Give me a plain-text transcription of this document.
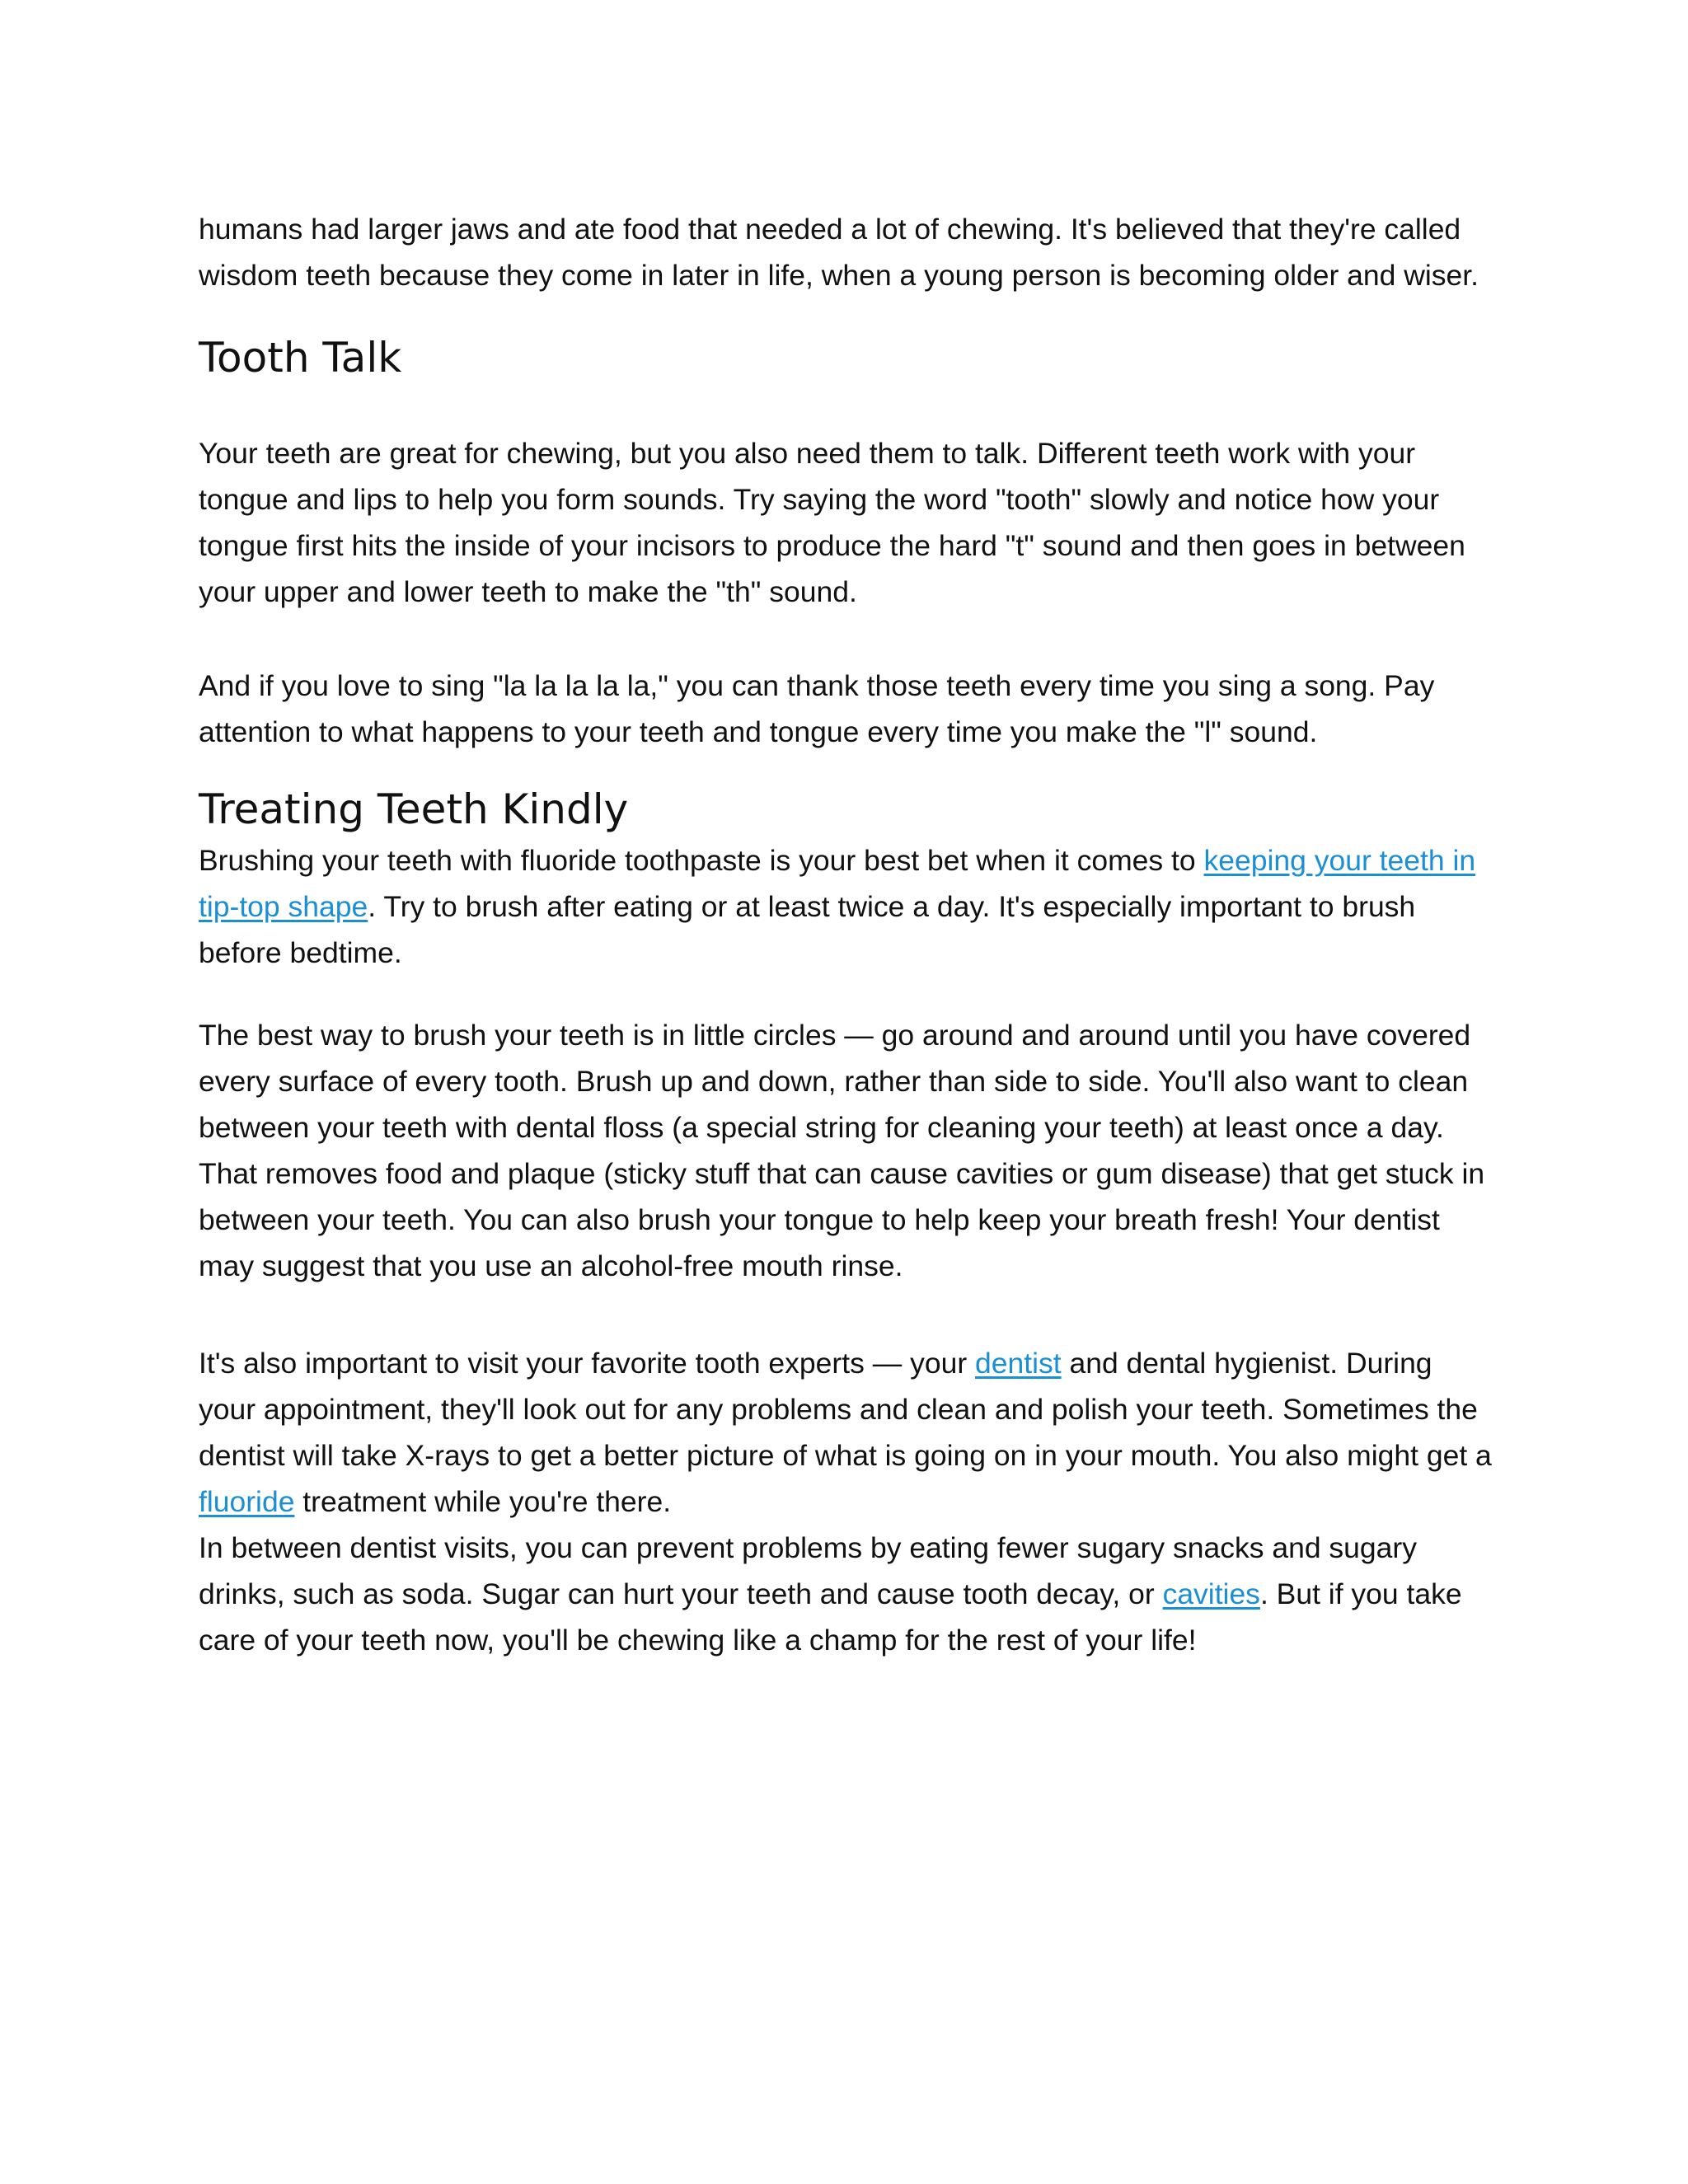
humans had larger jaws and ate food that needed a lot of chewing. It's believed that they're called wisdom teeth because they come in later in life, when a young person is becoming older and wiser.

Tooth Talk

Your teeth are great for chewing, but you also need them to talk. Different teeth work with your tongue and lips to help you form sounds. Try saying the word "tooth" slowly and notice how your tongue first hits the inside of your incisors to produce the hard "t" sound and then goes in between your upper and lower teeth to make the "th" sound.

And if you love to sing "la la la la la," you can thank those teeth every time you sing a song. Pay attention to what happens to your teeth and tongue every time you make the "l" sound.

Treating Teeth Kindly

Brushing your teeth with fluoride toothpaste is your best bet when it comes to keeping your teeth in tip-top shape. Try to brush after eating or at least twice a day. It's especially important to brush before bedtime.

The best way to brush your teeth is in little circles — go around and around until you have covered every surface of every tooth. Brush up and down, rather than side to side. You'll also want to clean between your teeth with dental floss (a special string for cleaning your teeth) at least once a day. That removes food and plaque (sticky stuff that can cause cavities or gum disease) that get stuck in between your teeth. You can also brush your tongue to help keep your breath fresh! Your dentist may suggest that you use an alcohol-free mouth rinse.

It's also important to visit your favorite tooth experts — your dentist and dental hygienist. During your appointment, they'll look out for any problems and clean and polish your teeth. Sometimes the dentist will take X-rays to get a better picture of what is going on in your mouth. You also might get a fluoride treatment while you're there.

In between dentist visits, you can prevent problems by eating fewer sugary snacks and sugary drinks, such as soda. Sugar can hurt your teeth and cause tooth decay, or cavities. But if you take care of your teeth now, you'll be chewing like a champ for the rest of your life!
